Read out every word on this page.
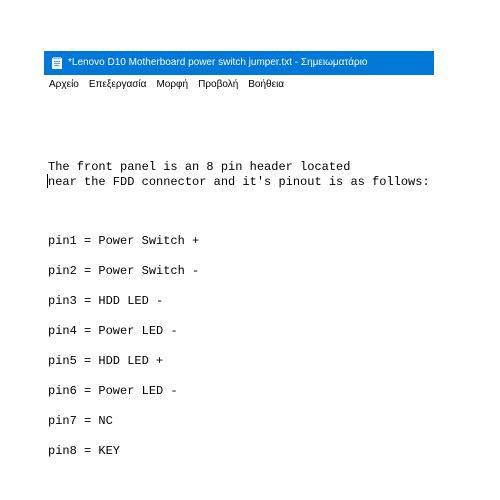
*Lenovo D10 Motherboard power switch jumper.txt - Σημειωματάριο
Αρχείο	Επεξεργασία	Μορφή	Προβολή	Βοήθεια
The front panel is an 8 pin header located
near the FDD connector and it's pinout is as follows:
pin1 = Power Switch +
pin2 = Power Switch -
pin3 = HDD LED -
pin4 = Power LED -
pin5 = HDD LED +
pin6 = Power LED -
pin7 = NC
pin8 = KEY
